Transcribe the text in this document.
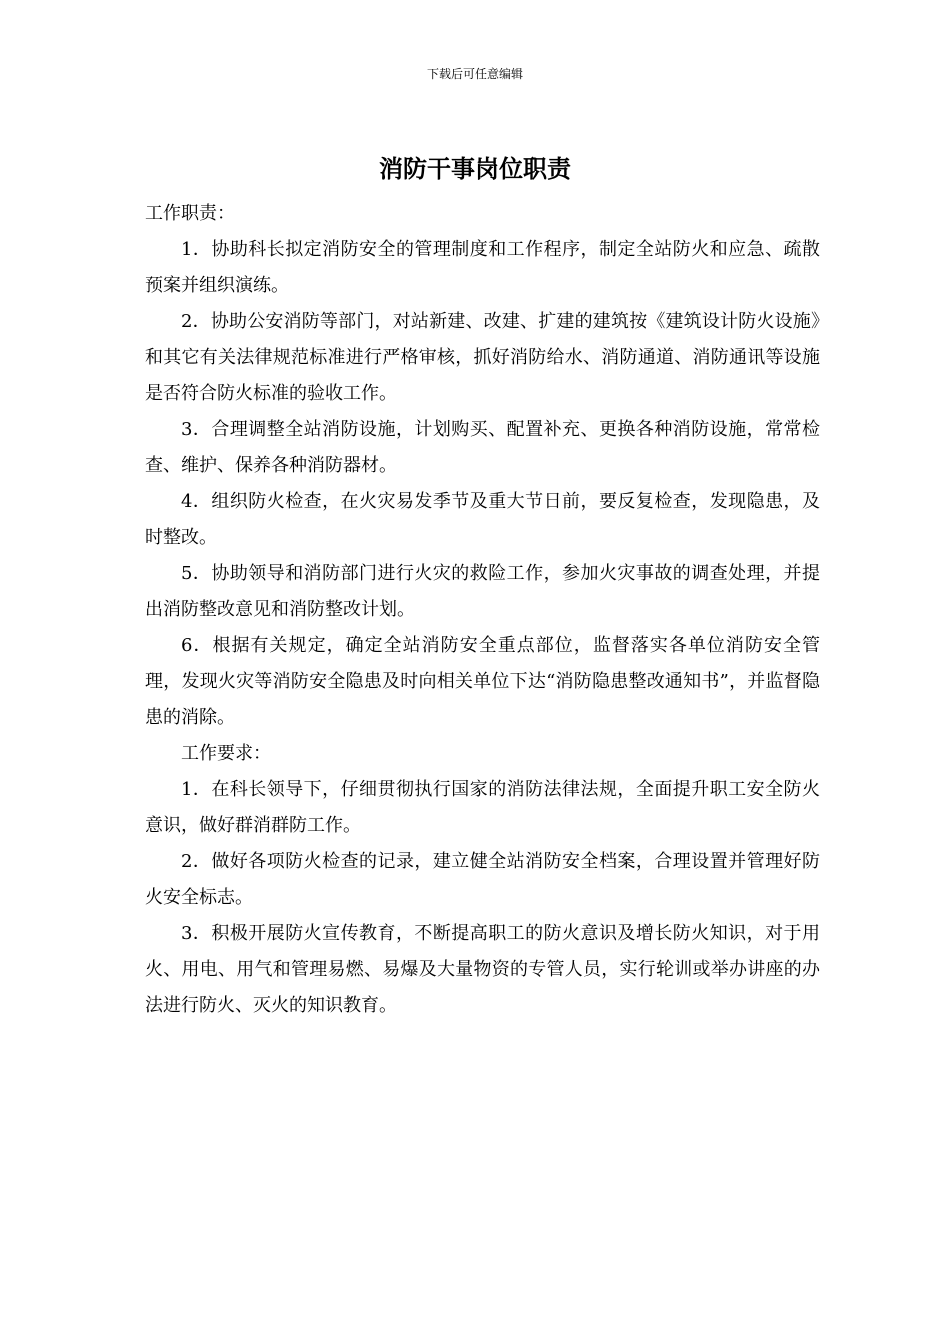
下载后可任意编辑
消防干事岗位职责

工作职责：

1．协助科长拟定消防安全的管理制度和工作程序，制定全站防火和应急、疏散预案并组织演练。

2．协助公安消防等部门，对站新建、改建、扩建的建筑按《建筑设计防火设施》和其它有关法律规范标准进行严格审核，抓好消防给水、消防通道、消防通讯等设施是否符合防火标准的验收工作。

3．合理调整全站消防设施，计划购买、配置补充、更换各种消防设施，常常检查、维护、保养各种消防器材。

4．组织防火检查，在火灾易发季节及重大节日前，要反复检查，发现隐患，及时整改。

5．协助领导和消防部门进行火灾的救险工作，参加火灾事故的调查处理，并提出消防整改意见和消防整改计划。

6．根据有关规定，确定全站消防安全重点部位，监督落实各单位消防安全管理，发现火灾等消防安全隐患及时向相关单位下达“消防隐患整改通知书”，并监督隐患的消除。

工作要求：

1．在科长领导下，仔细贯彻执行国家的消防法律法规，全面提升职工安全防火意识，做好群消群防工作。

2．做好各项防火检查的记录，建立健全站消防安全档案，合理设置并管理好防火安全标志。

3．积极开展防火宣传教育，不断提高职工的防火意识及增长防火知识，对于用火、用电、用气和管理易燃、易爆及大量物资的专管人员，实行轮训或举办讲座的办法进行防火、灭火的知识教育。
